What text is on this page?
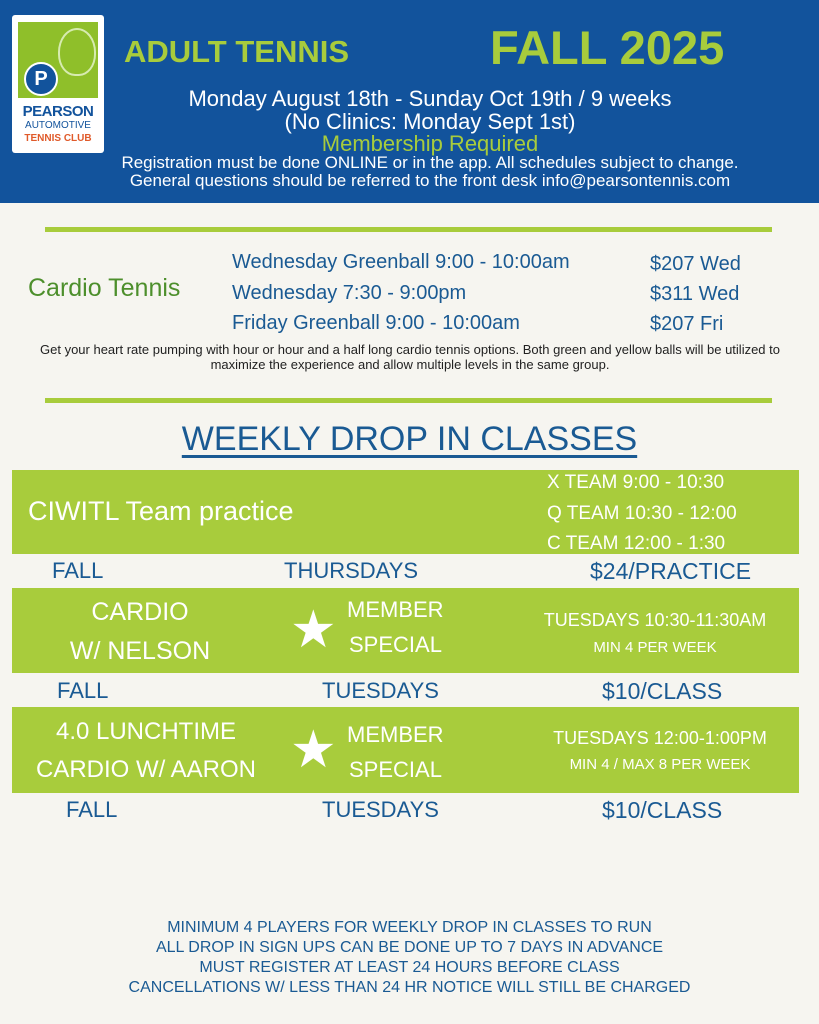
P
PEARSON
AUTOMOTIVE
TENNIS CLUB
ADULT TENNIS	FALL 2025
Monday August 18th - Sunday Oct 19th / 9 weeks
(No Clinics: Monday Sept 1st)
Membership Required
Registration must be done ONLINE or in the app. All schedules subject to change.
General questions should be referred to the front desk info@pearsontennis.com
Cardio Tennis
Wednesday Greenball 9:00 - 10:00am	$207 Wed
Wednesday 7:30 - 9:00pm	$311 Wed
Friday Greenball 9:00 - 10:00am	$207 Fri
Get your heart rate pumping with hour or hour and a half long cardio tennis options. Both green and yellow balls will be utilized to maximize the experience and allow multiple levels in the same group.
WEEKLY DROP IN CLASSES
CIWITL Team practice
X TEAM 9:00 - 10:30
Q TEAM 10:30 - 12:00
C TEAM 12:00 - 1:30
FALL	THURSDAYS	$24/PRACTICE
CARDIO
W/ NELSON	★ MEMBER
SPECIAL
TUESDAYS 10:30-11:30AM
MIN 4 PER WEEK
FALL	TUESDAYS	$10/CLASS
4.0 LUNCHTIME
CARDIO W/ AARON ★ MEMBER
SPECIAL
TUESDAYS 12:00-1:00PM
MIN 4 / MAX 8 PER WEEK
FALL	TUESDAYS	$10/CLASS
MINIMUM 4 PLAYERS FOR WEEKLY DROP IN CLASSES TO RUN
ALL DROP IN SIGN UPS CAN BE DONE UP TO 7 DAYS IN ADVANCE
MUST REGISTER AT LEAST 24 HOURS BEFORE CLASS
CANCELLATIONS W/ LESS THAN 24 HR NOTICE WILL STILL BE CHARGED
